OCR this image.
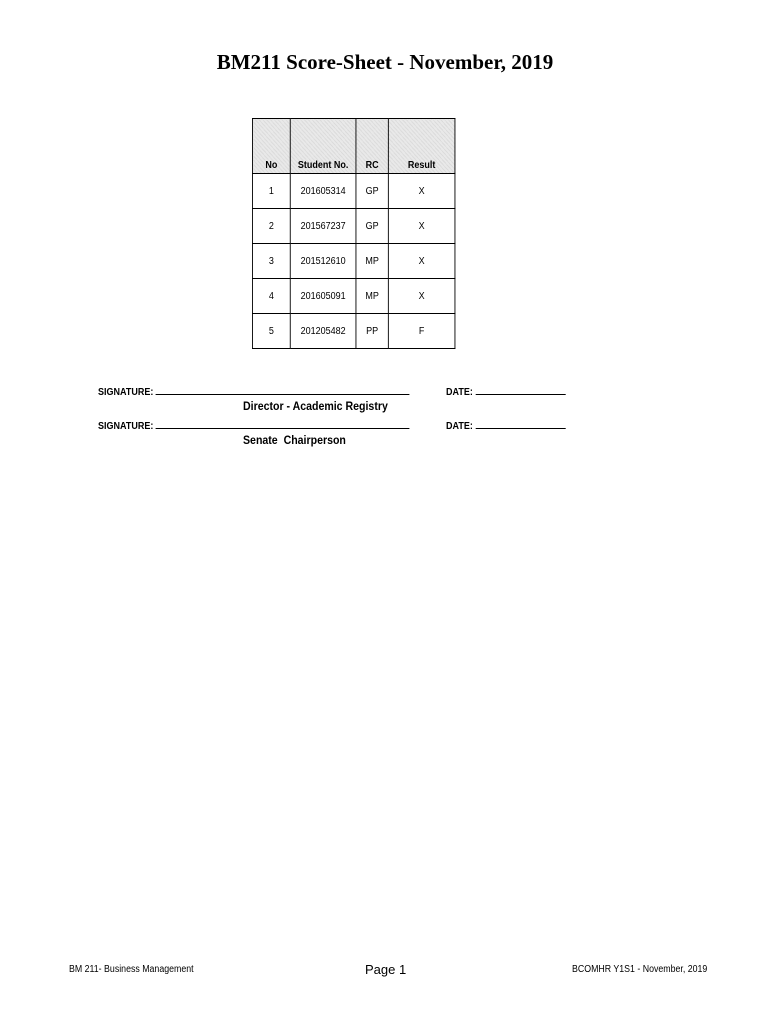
BM211 Score-Sheet - November, 2019
No	Student No.	RC	Result
1	201605314	GP	X
2	201567237	GP	X
3	201512610	MP	X
4	201605091	MP	X
5	201205482	PP	F
SIGNATURE:	DATE:
Director - Academic Registry
SIGNATURE:	DATE:
Senate  Chairperson
BM 211- Business Management	Page 1	BCOMHR Y1S1 - November, 2019
